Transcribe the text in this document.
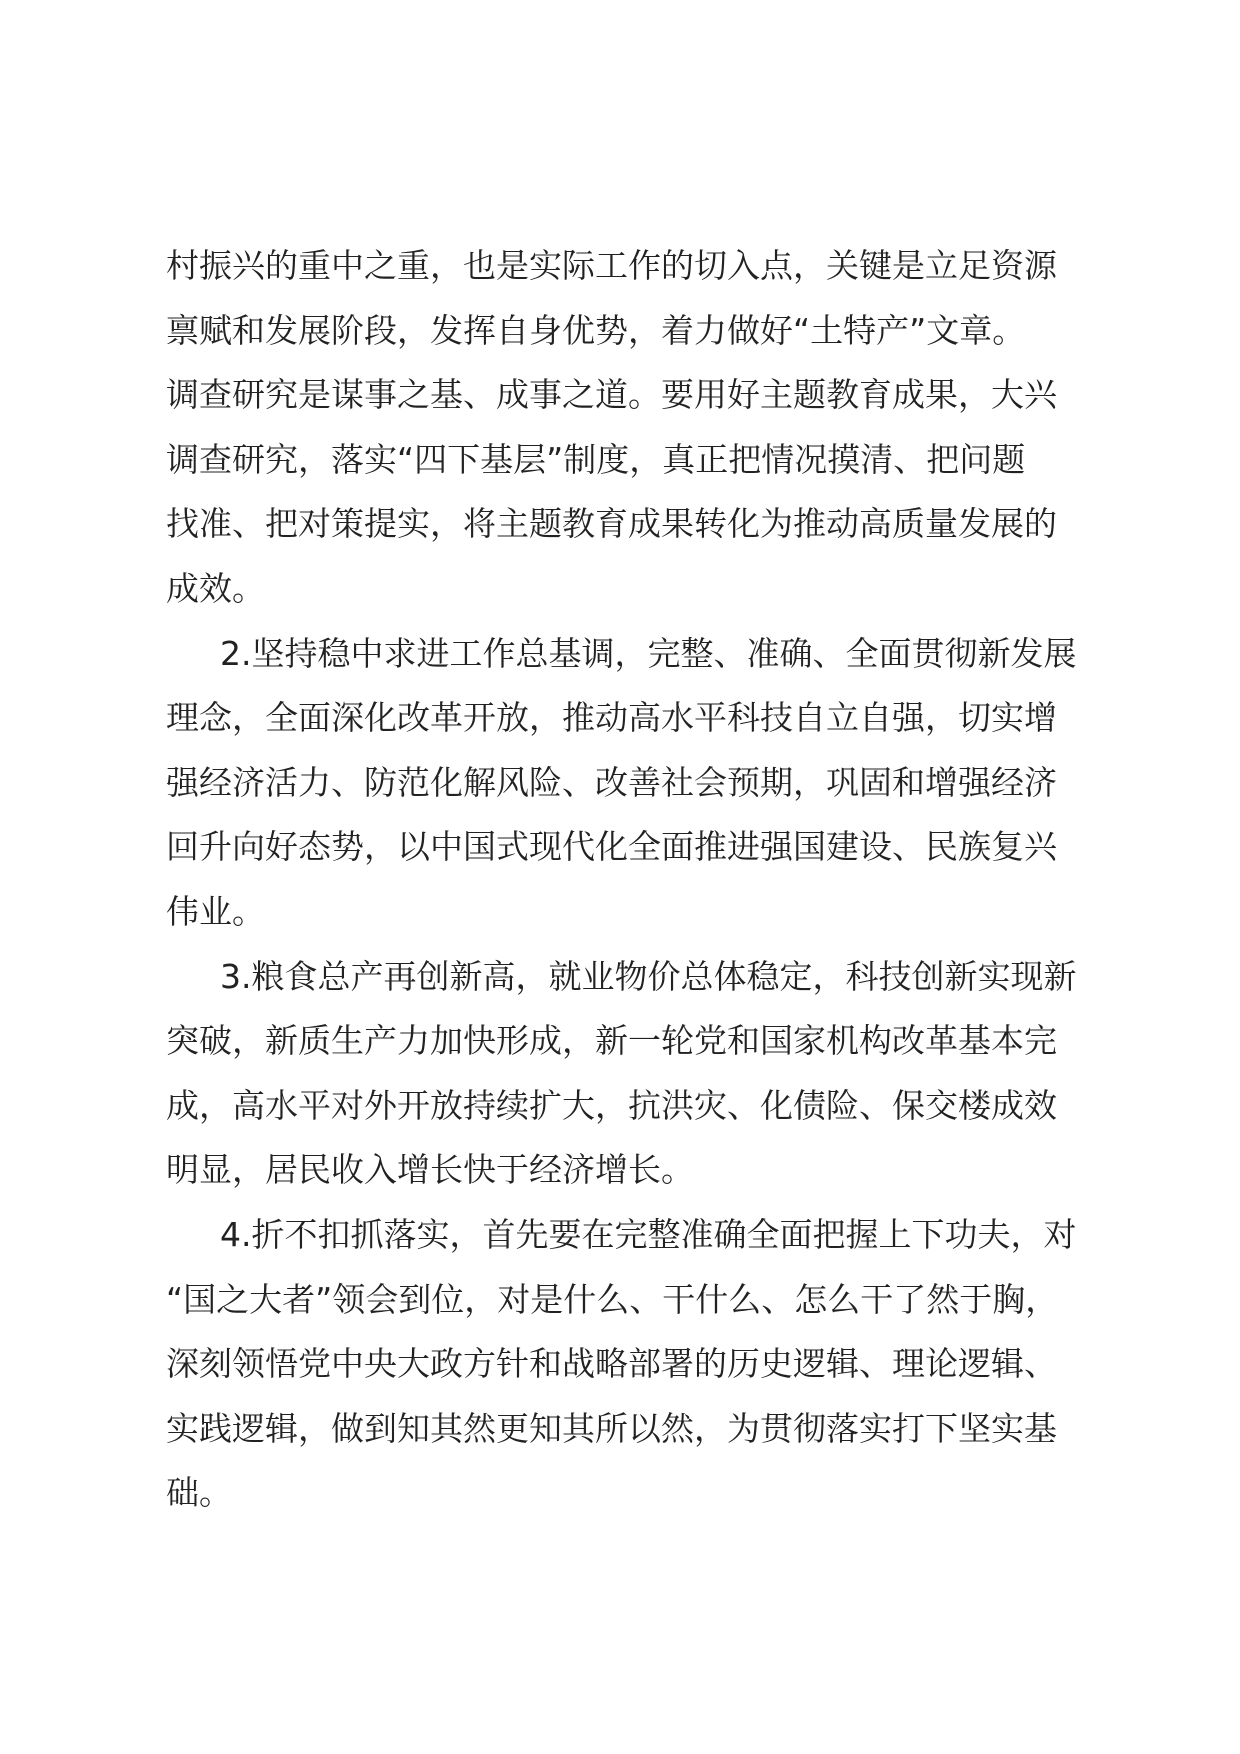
村振兴的重中之重，也是实际工作的切入点，关键是立足资源
禀赋和发展阶段，发挥自身优势，着力做好“土特产”文章。
调查研究是谋事之基、成事之道。要用好主题教育成果，大兴
调查研究，落实“四下基层”制度，真正把情况摸清、把问题
找准、把对策提实，将主题教育成果转化为推动高质量发展的
成效。
2.坚持稳中求进工作总基调，完整、准确、全面贯彻新发展
理念，全面深化改革开放，推动高水平科技自立自强，切实增
强经济活力、防范化解风险、改善社会预期，巩固和增强经济
回升向好态势，以中国式现代化全面推进强国建设、民族复兴
伟业。
3.粮食总产再创新高，就业物价总体稳定，科技创新实现新
突破，新质生产力加快形成，新一轮党和国家机构改革基本完
成，高水平对外开放持续扩大，抗洪灾、化债险、保交楼成效
明显，居民收入增长快于经济增长。
4.折不扣抓落实，首先要在完整准确全面把握上下功夫，对
“国之大者”领会到位，对是什么、干什么、怎么干了然于胸，
深刻领悟党中央大政方针和战略部署的历史逻辑、理论逻辑、
实践逻辑，做到知其然更知其所以然，为贯彻落实打下坚实基
础。
